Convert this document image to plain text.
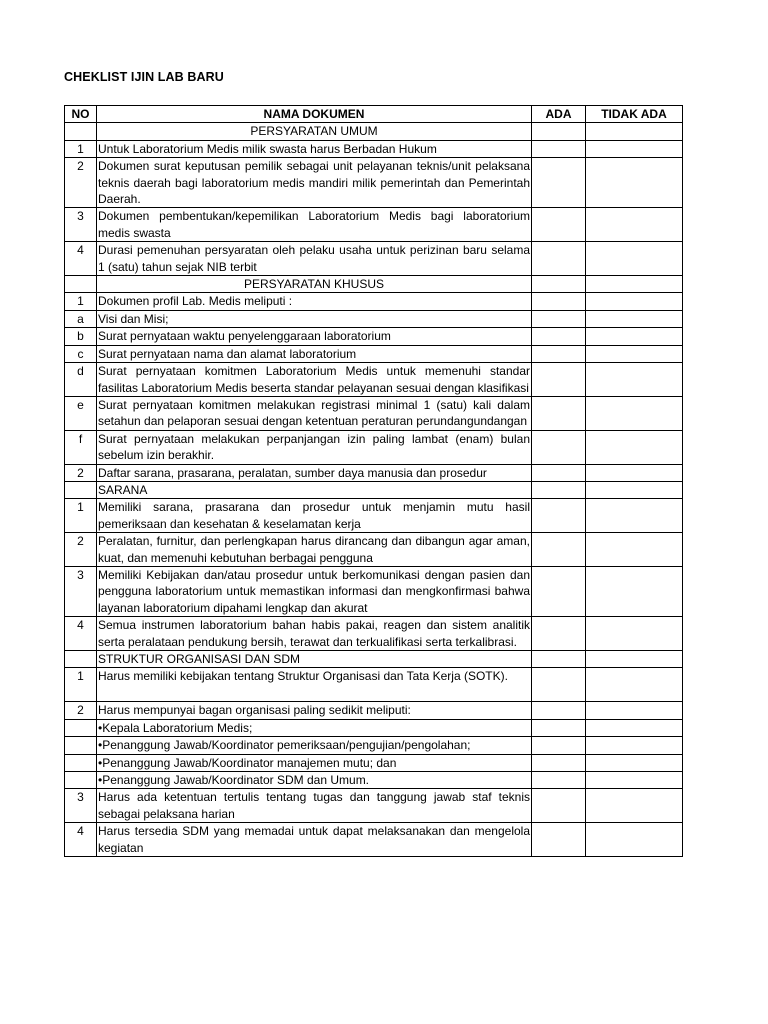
CHEKLIST IJIN LAB BARU
NO	NAMA DOKUMEN	ADA	TIDAK ADA
	PERSYARATAN UMUM		
1	Untuk Laboratorium Medis milik swasta harus Berbadan Hukum		
2	Dokumen surat keputusan pemilik sebagai unit pelayanan teknis/unit pelaksana teknis daerah bagi laboratorium medis mandiri milik pemerintah dan Pemerintah Daerah.		
3	Dokumen pembentukan/kepemilikan Laboratorium Medis bagi laboratorium medis swasta		
4	Durasi pemenuhan persyaratan oleh pelaku usaha untuk perizinan baru selama 1 (satu) tahun sejak NIB terbit		
	PERSYARATAN KHUSUS		
1	Dokumen profil Lab. Medis meliputi :		
a	Visi dan Misi;		
b	Surat pernyataan waktu penyelenggaraan laboratorium		
c	Surat pernyataan nama dan alamat laboratorium		
d	Surat pernyataan komitmen Laboratorium Medis untuk memenuhi standar fasilitas Laboratorium Medis beserta standar pelayanan sesuai dengan klasifikasi		
e	Surat pernyataan komitmen melakukan registrasi minimal 1 (satu) kali dalam setahun dan pelaporan sesuai dengan ketentuan peraturan perundangundangan		
f	Surat pernyataan melakukan perpanjangan izin paling lambat (enam) bulan sebelum izin berakhir.		
2	Daftar sarana, prasarana, peralatan, sumber daya manusia dan prosedur		
	SARANA		
1	Memiliki sarana, prasarana dan prosedur untuk menjamin mutu hasil pemeriksaan dan kesehatan & keselamatan kerja		
2	Peralatan, furnitur, dan perlengkapan harus dirancang dan dibangun agar aman, kuat, dan memenuhi kebutuhan berbagai pengguna		
3	Memiliki Kebijakan dan/atau prosedur untuk berkomunikasi dengan pasien dan pengguna laboratorium untuk memastikan informasi dan mengkonfirmasi bahwa layanan laboratorium dipahami lengkap dan akurat		
4	Semua instrumen laboratorium bahan habis pakai, reagen dan sistem analitik serta peralataan pendukung bersih, terawat dan terkualifikasi serta terkalibrasi.		
	STRUKTUR ORGANISASI DAN SDM		
1	Harus memiliki kebijakan tentang Struktur Organisasi dan Tata Kerja (SOTK).		
2	Harus mempunyai bagan organisasi paling sedikit meliputi:		
	•Kepala Laboratorium Medis;		
	•Penanggung Jawab/Koordinator pemeriksaan/pengujian/pengolahan;		
	•Penanggung Jawab/Koordinator manajemen mutu; dan		
	•Penanggung Jawab/Koordinator SDM dan Umum.		
3	Harus ada ketentuan tertulis tentang tugas dan tanggung jawab staf teknis sebagai pelaksana harian		
4	Harus tersedia SDM yang memadai untuk dapat melaksanakan dan mengelola kegiatan		
